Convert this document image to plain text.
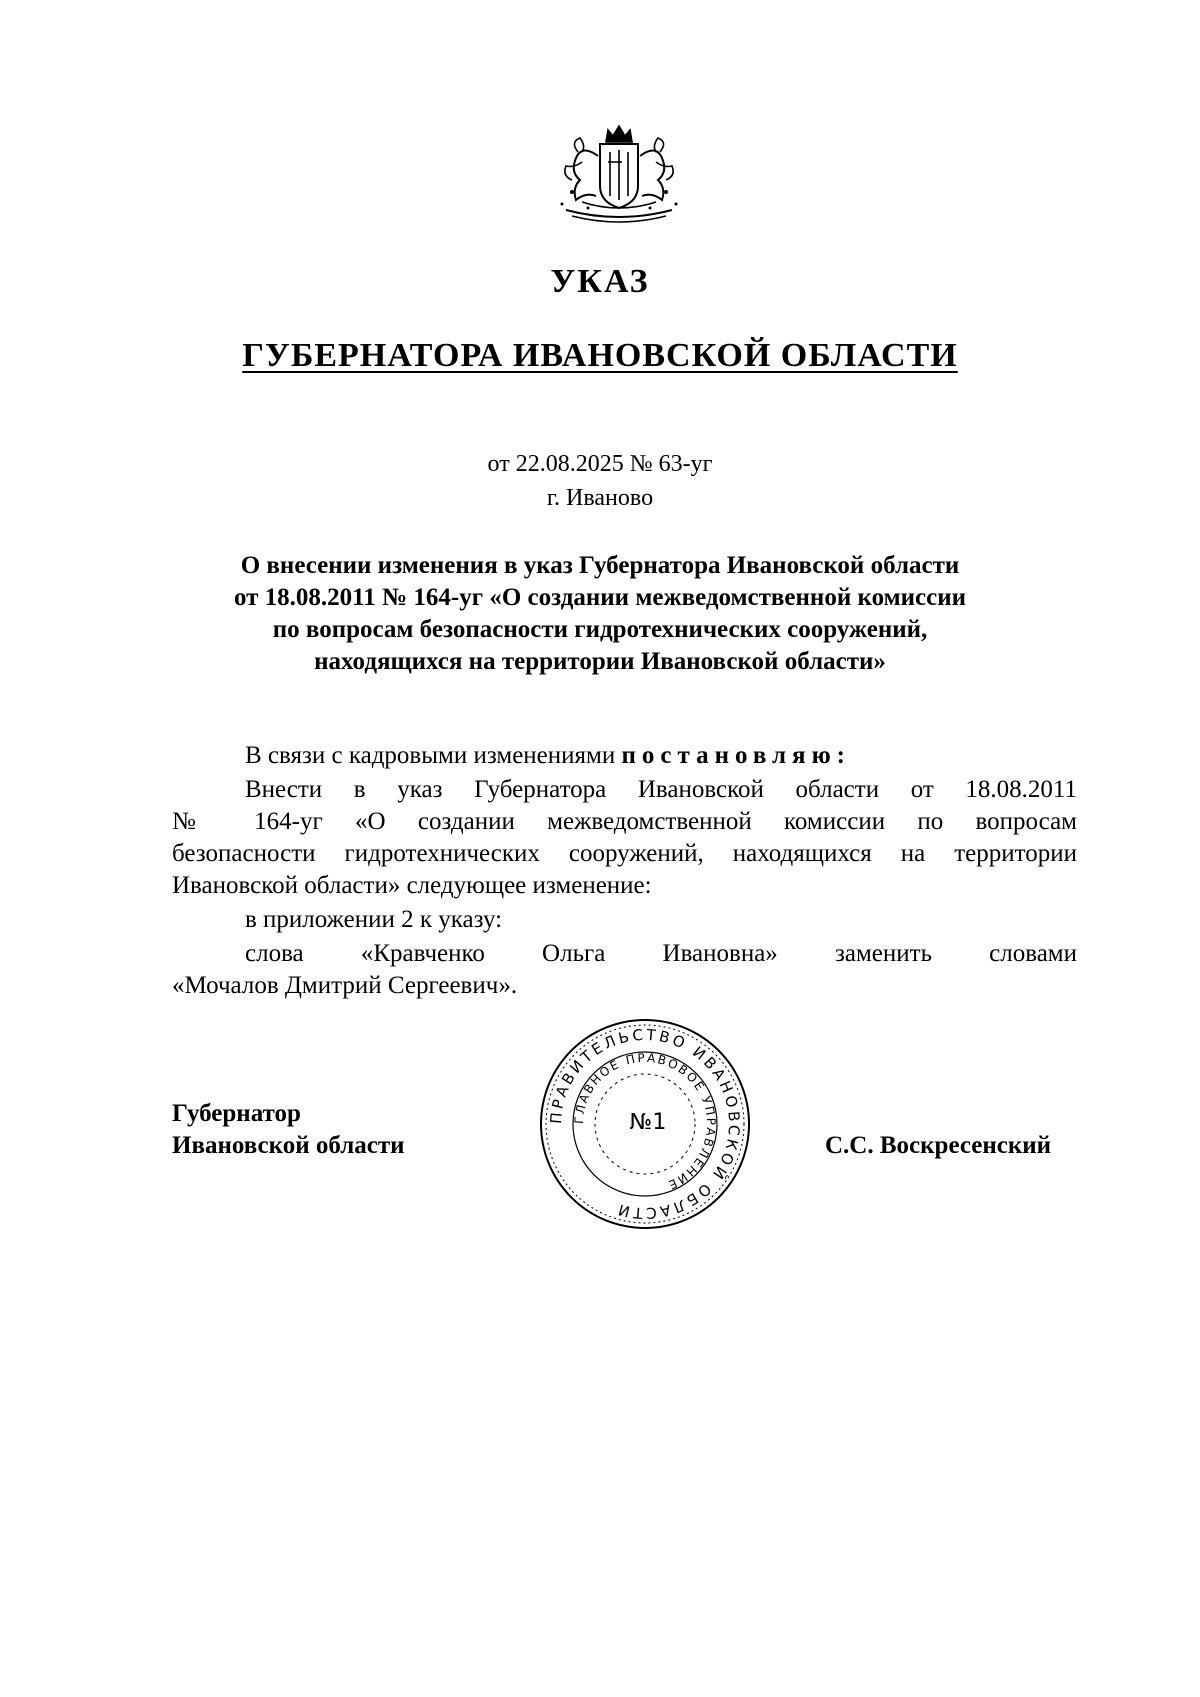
УКАЗ
ГУБЕРНАТОРА ИВАНОВСКОЙ ОБЛАСТИ
от 22.08.2025 № 63-уг
г. Иваново
О внесении изменения в указ Губернатора Ивановской области
от 18.08.2011 № 164-уг «О создании межведомственной комиссии
по вопросам безопасности гидротехнических сооружений,
находящихся на территории Ивановской области»
В связи с кадровыми изменениями постановляю:
Внести в указ Губернатора Ивановской области от 18.08.2011
№ 164-уг «О создании межведомственной комиссии по вопросам
безопасности гидротехнических сооружений, находящихся на территории
Ивановской области» следующее изменение:
в приложении 2 к указу:
слова «Кравченко Ольга Ивановна» заменить словами
«Мочалов Дмитрий Сергеевич».
Губернатор
Ивановской области	С.С. Воскресенский
ПРАВИТЕЛЬСТВО ИВАНОВСКОЙ ОБЛАСТИ
ГЛАВНОЕ ПРАВОВОЕ УПРАВЛЕНИЕ
№1
